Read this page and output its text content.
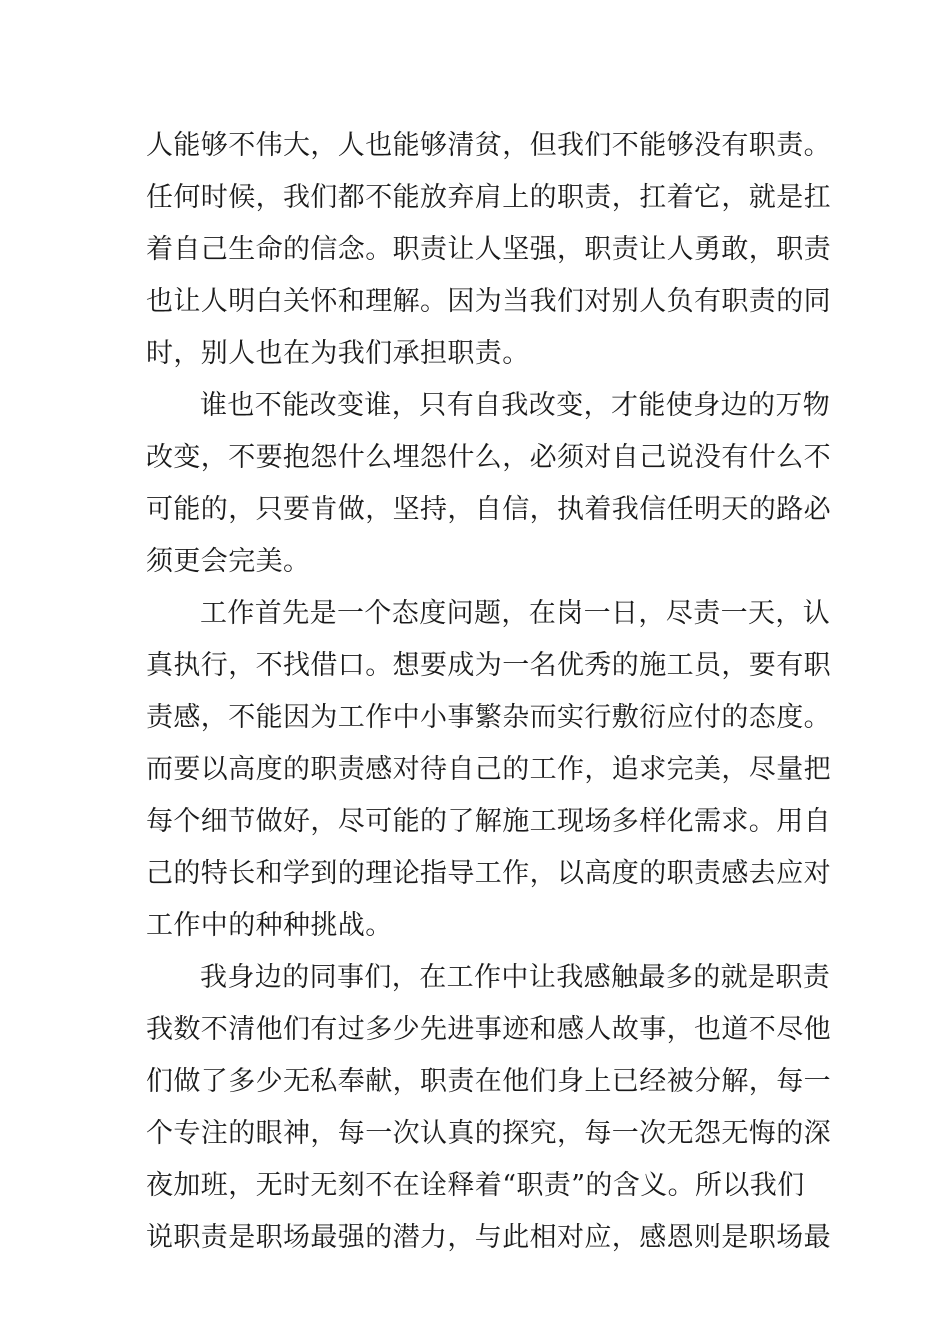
人能够不伟大，人也能够清贫，但我们不能够没有职责。
任何时候，我们都不能放弃肩上的职责，扛着它，就是扛
着自己生命的信念。职责让人坚强，职责让人勇敢，职责
也让人明白关怀和理解。因为当我们对别人负有职责的同
时，别人也在为我们承担职责。
谁也不能改变谁，只有自我改变，才能使身边的万物
改变，不要抱怨什么埋怨什么，必须对自己说没有什么不
可能的，只要肯做，坚持，自信，执着我信任明天的路必
须更会完美。
工作首先是一个态度问题，在岗一日，尽责一天，认
真执行，不找借口。想要成为一名优秀的施工员，要有职
责感，不能因为工作中小事繁杂而实行敷衍应付的态度。
而要以高度的职责感对待自己的工作，追求完美，尽量把
每个细节做好，尽可能的了解施工现场多样化需求。用自
己的特长和学到的理论指导工作，以高度的职责感去应对
工作中的种种挑战。
我身边的同事们，在工作中让我感触最多的就是职责
我数不清他们有过多少先进事迹和感人故事，也道不尽他
们做了多少无私奉献，职责在他们身上已经被分解，每一
个专注的眼神，每一次认真的探究，每一次无怨无悔的深
夜加班，无时无刻不在诠释着“职责”的含义。所以我们
说职责是职场最强的潜力，与此相对应，感恩则是职场最
